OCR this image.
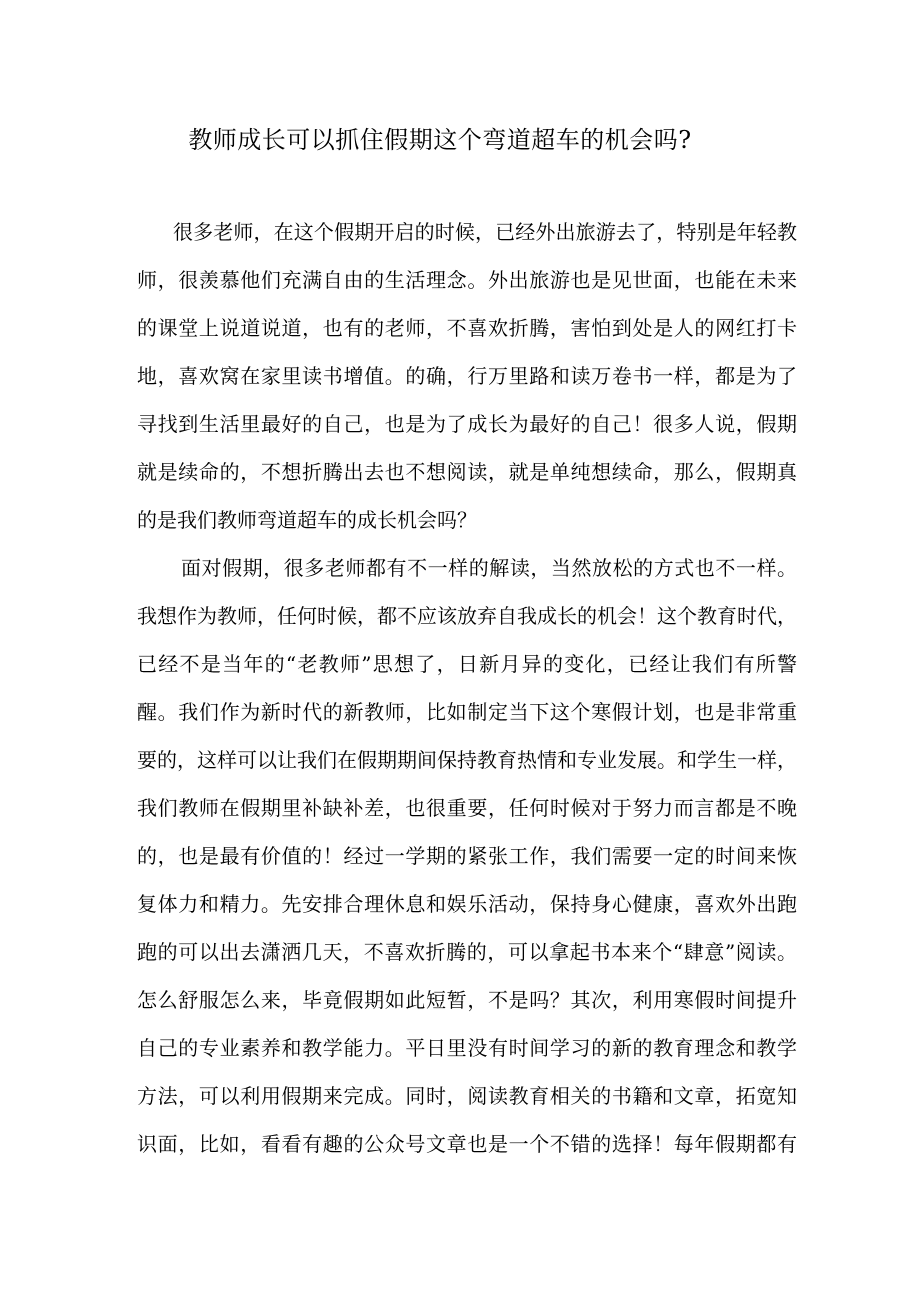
教师成长可以抓住假期这个弯道超车的机会吗?
很多老师，在这个假期开启的时候，已经外出旅游去了，特别是年轻教
师，很羡慕他们充满自由的生活理念。外出旅游也是见世面，也能在未来
的课堂上说道说道，也有的老师，不喜欢折腾，害怕到处是人的网红打卡
地，喜欢窝在家里读书增值。的确，行万里路和读万卷书一样，都是为了
寻找到生活里最好的自己，也是为了成长为最好的自己！很多人说，假期
就是续命的，不想折腾出去也不想阅读，就是单纯想续命，那么，假期真
的是我们教师弯道超车的成长机会吗？
面对假期，很多老师都有不一样的解读，当然放松的方式也不一样。
我想作为教师，任何时候，都不应该放弃自我成长的机会！这个教育时代，
已经不是当年的“老教师”思想了，日新月异的变化，已经让我们有所警
醒。我们作为新时代的新教师，比如制定当下这个寒假计划，也是非常重
要的，这样可以让我们在假期期间保持教育热情和专业发展。和学生一样，
我们教师在假期里补缺补差，也很重要，任何时候对于努力而言都是不晚
的，也是最有价值的！经过一学期的紧张工作，我们需要一定的时间来恢
复体力和精力。先安排合理休息和娱乐活动，保持身心健康，喜欢外出跑
跑的可以出去潇洒几天，不喜欢折腾的，可以拿起书本来个“肆意”阅读。
怎么舒服怎么来，毕竟假期如此短暂，不是吗？其次，利用寒假时间提升
自己的专业素养和教学能力。平日里没有时间学习的新的教育理念和教学
方法，可以利用假期来完成。同时，阅读教育相关的书籍和文章，拓宽知
识面，比如，看看有趣的公众号文章也是一个不错的选择！每年假期都有
